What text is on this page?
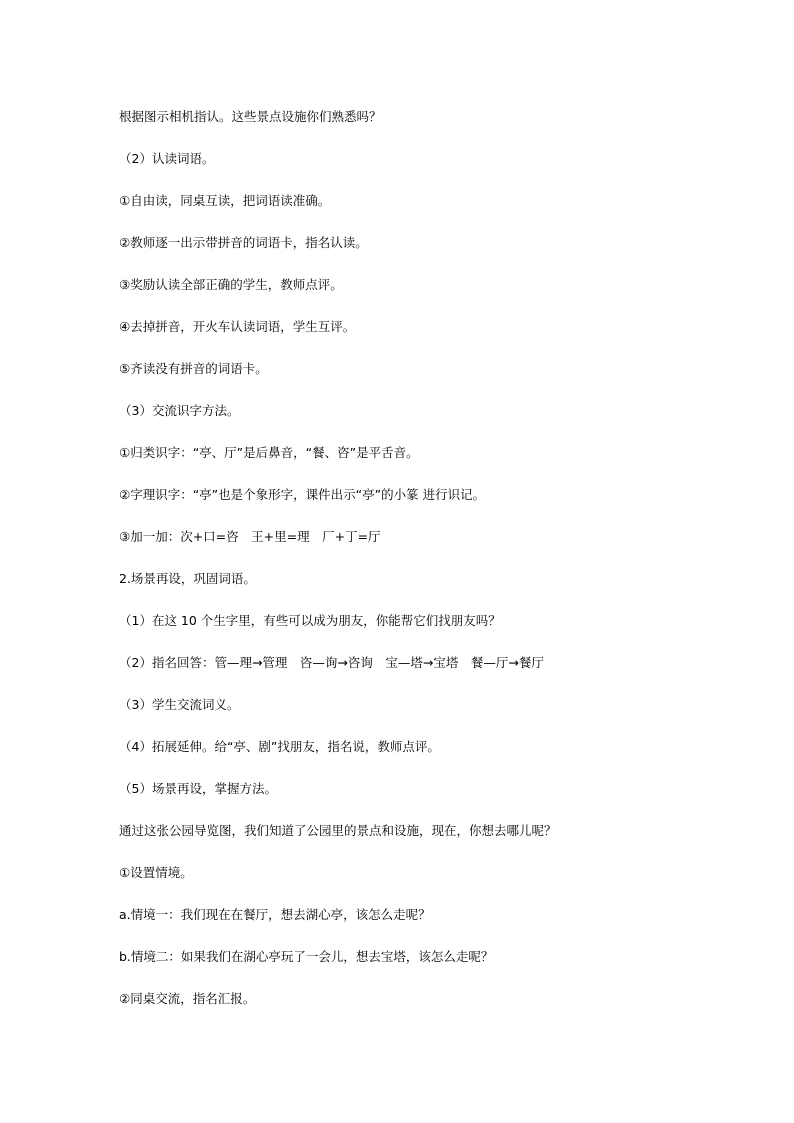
根据图示相机指认。这些景点设施你们熟悉吗？

（2）认读词语。

①自由读，同桌互读，把词语读准确。

②教师逐一出示带拼音的词语卡，指名认读。

③奖励认读全部正确的学生，教师点评。

④去掉拼音，开火车认读词语，学生互评。

⑤齐读没有拼音的词语卡。

（3）交流识字方法。

①归类识字：“亭、厅”是后鼻音，“餐、咨”是平舌音。

②字理识字：“亭”也是个象形字，课件出示“亭”的小篆 进行识记。

③加一加：次+口=咨　王+里=理　厂+丁=厅

2.场景再设，巩固词语。

（1）在这 10 个生字里，有些可以成为朋友，你能帮它们找朋友吗？

（2）指名回答：管—理→管理　咨—询→咨询　宝—塔→宝塔　餐—厅→餐厅

（3）学生交流词义。

（4）拓展延伸。给“亭、剧”找朋友，指名说，教师点评。

（5）场景再设，掌握方法。

通过这张公园导览图，我们知道了公园里的景点和设施，现在，你想去哪儿呢？

①设置情境。

a.情境一：我们现在在餐厅，想去湖心亭，该怎么走呢？

b.情境二：如果我们在湖心亭玩了一会儿，想去宝塔，该怎么走呢？

②同桌交流，指名汇报。
